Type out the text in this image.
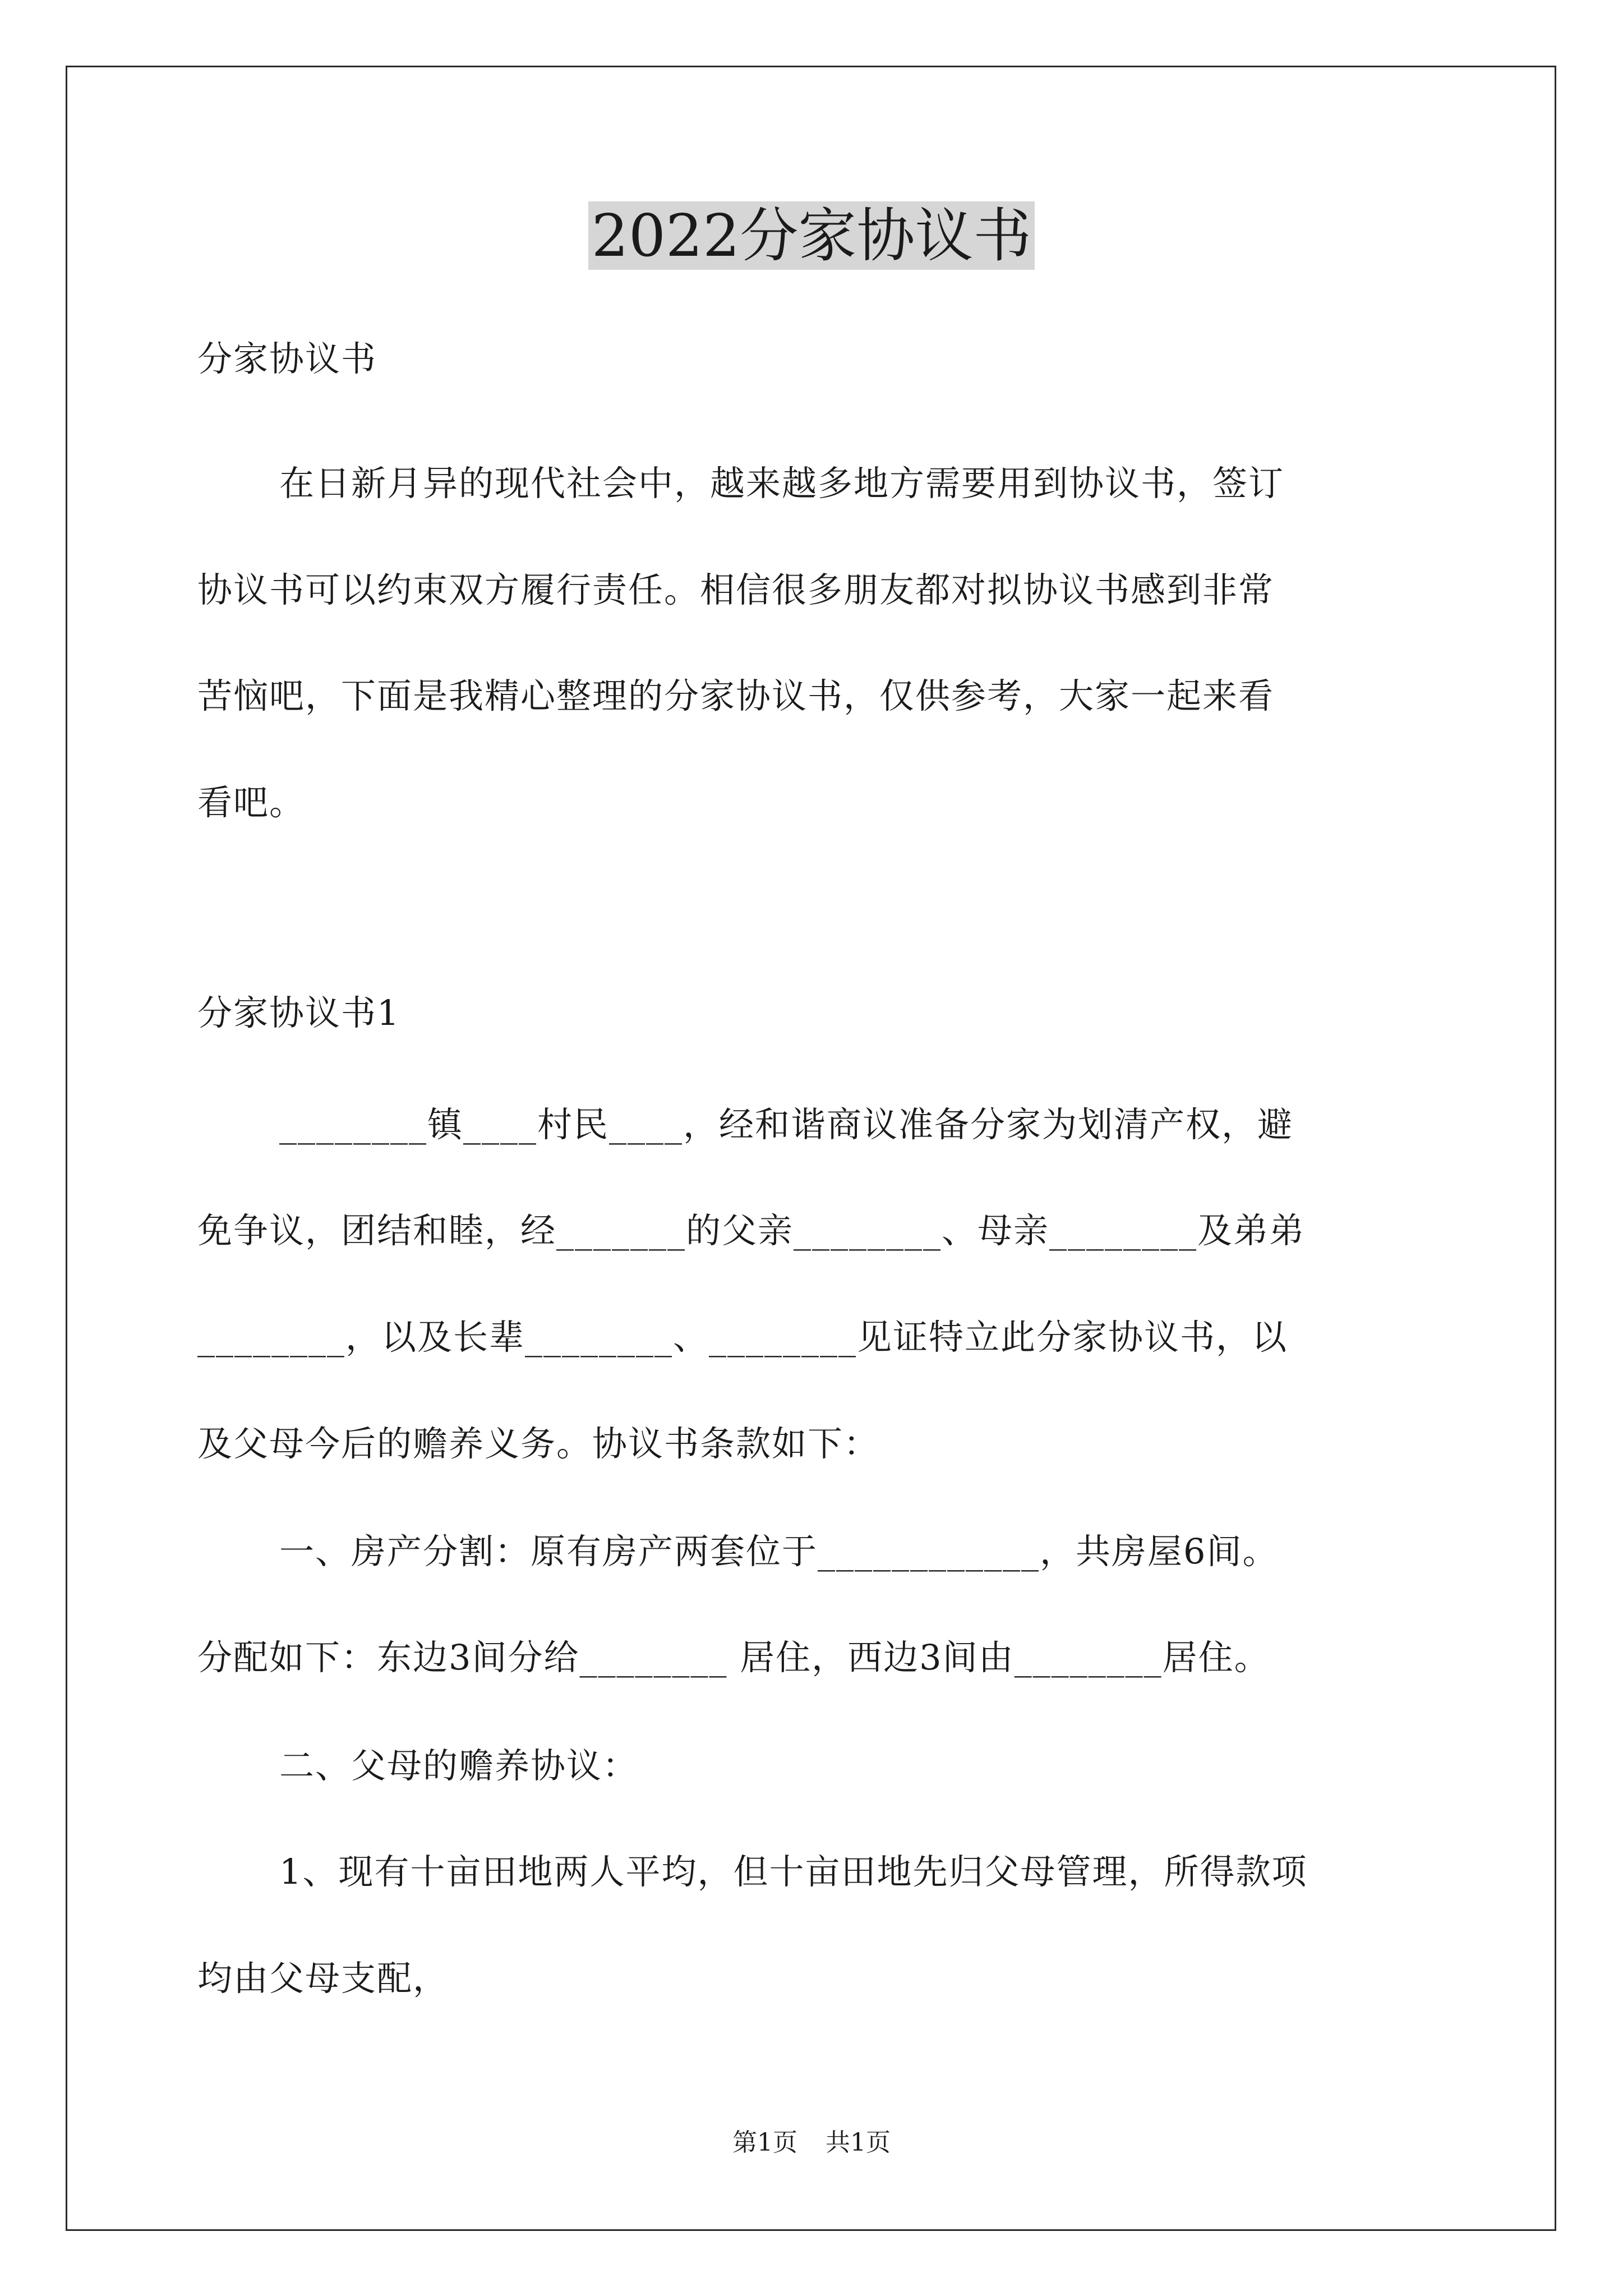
2022分家协议书
分家协议书
在日新月异的现代社会中，越来越多地方需要用到协议书，签订
协议书可以约束双方履行责任。相信很多朋友都对拟协议书感到非常
苦恼吧，下面是我精心整理的分家协议书，仅供参考，大家一起来看
看吧。
分家协议书1
________镇____村民____，经和谐商议准备分家为划清产权，避
免争议，团结和睦，经_______的父亲________、母亲________及弟弟
________，以及长辈________、________见证特立此分家协议书，以
及父母今后的赡养义务。协议书条款如下：
一、房产分割：原有房产两套位于____________，共房屋6间。
分配如下：东边3间分给________ 居住，西边3间由________居住。
二、父母的赡养协议：
1、现有十亩田地两人平均，但十亩田地先归父母管理，所得款项
均由父母支配，
第1页 共1页
